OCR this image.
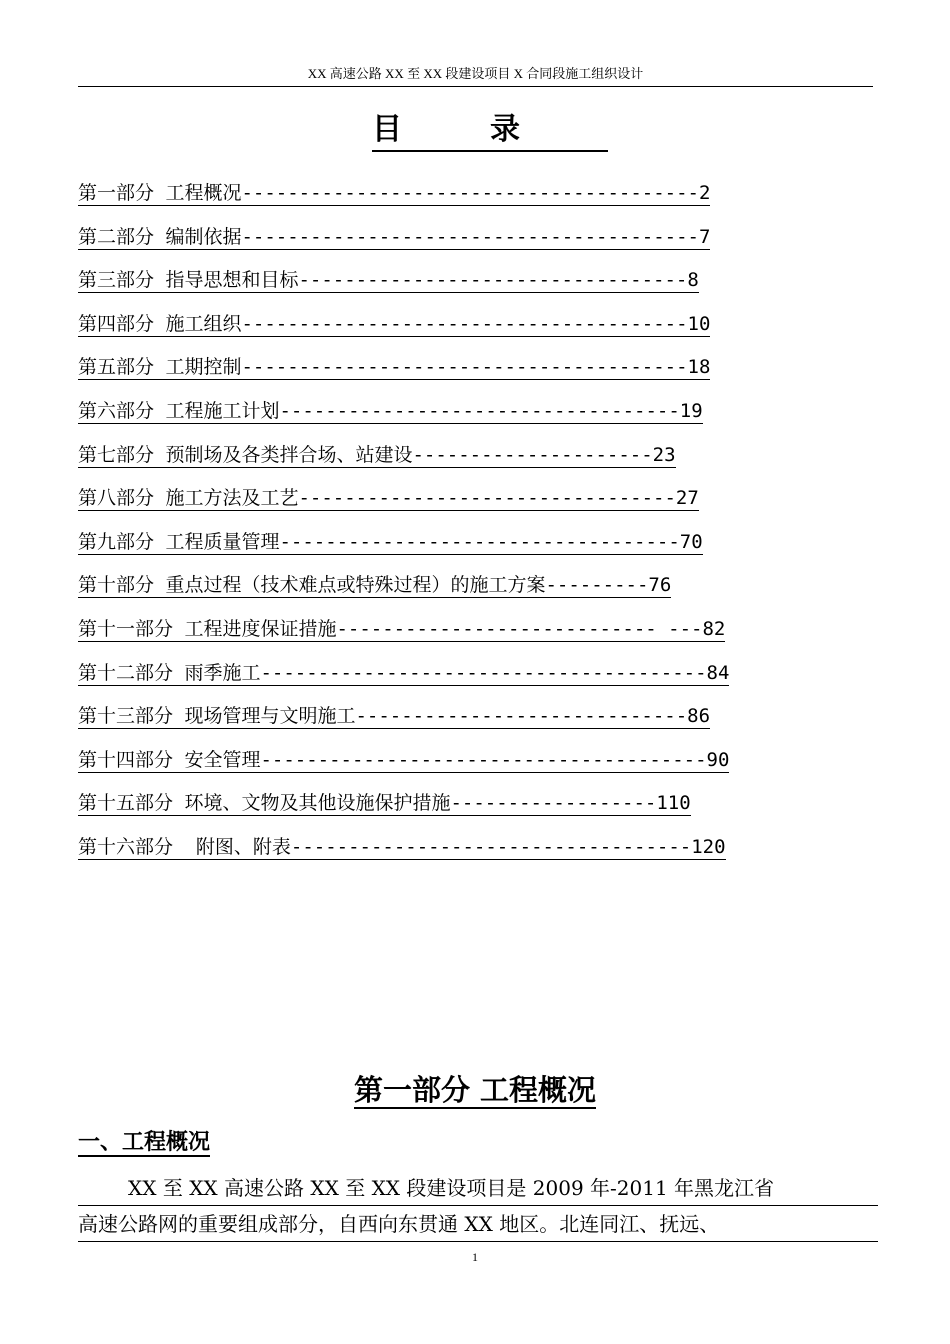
XX 高速公路 XX 至 XX 段建设项目 X 合同段施工组织设计
目录
第一部分 工程概况----------------------------------------2
第二部分 编制依据----------------------------------------7
第三部分 指导思想和目标----------------------------------8
第四部分 施工组织---------------------------------------10
第五部分 工期控制---------------------------------------18
第六部分 工程施工计划-----------------------------------19
第七部分 预制场及各类拌合场、站建设---------------------23
第八部分 施工方法及工艺---------------------------------27
第九部分 工程质量管理-----------------------------------70
第十部分 重点过程（技术难点或特殊过程）的施工方案---------76
第十一部分 工程进度保证措施---------------------------- ---82
第十二部分 雨季施工---------------------------------------84
第十三部分 现场管理与文明施工-----------------------------86
第十四部分 安全管理---------------------------------------90
第十五部分 环境、文物及其他设施保护措施------------------110
第十六部分  附图、附表-----------------------------------120
第一部分 工程概况
一、工程概况
XX 至 XX 高速公路 XX 至 XX 段建设项目是 2009 年-2011 年黑龙江省
高速公路网的重要组成部分，自西向东贯通 XX 地区。北连同江、抚远、
1
